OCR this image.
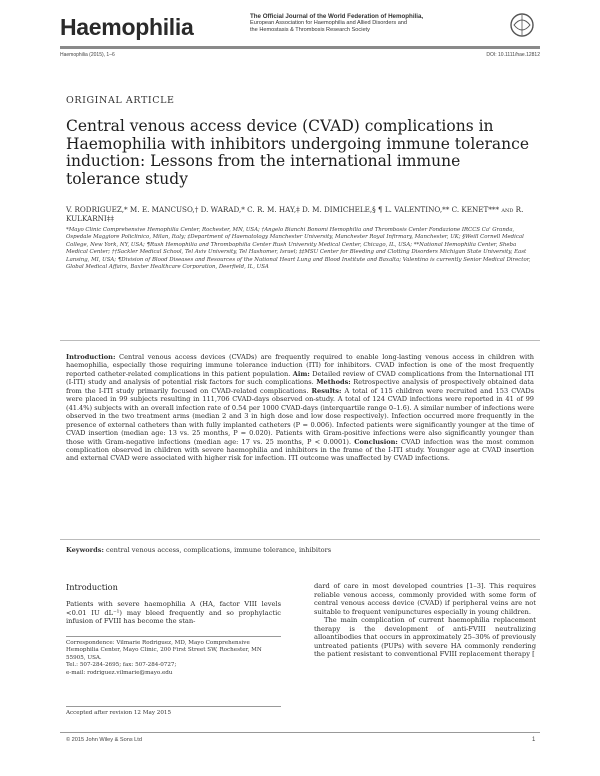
Haemophilia	The Official Journal of the World Federation of Hemophilia,
European Association for Haemophilia and Allied Disorders and
the Hemostasis & Thrombosis Research Society
Haemophilia (2015), 1–6	DOI: 10.1111/hae.12812
ORIGINAL ARTICLE
Central venous access device (CVAD) complications in Haemophilia with inhibitors undergoing immune tolerance induction: Lessons from the international immune tolerance study
V. RODRIGUEZ,* M. E. MANCUSO,† D. WARAD,* C. R. M. HAY,‡ D. M. DIMICHELE,§ ¶ L. VALENTINO,** C. KENET*** and R. KULKARNI‡‡
*Mayo Clinic Comprehensive Hemophilia Center, Rochester, MN, USA; †Angelo Bianchi Bonomi Hemophilia and Thrombosis Center Fondazione IRCCS Ca' Granda, Ospedale Maggiore Policlinico, Milan, Italy; ‡Department of Haematology Manchester University, Manchester Royal Infirmary, Manchester, UK; §Weill Cornell Medical College, New York, NY, USA; ¶Rush Hemophilia and Thrombophilia Center Rush University Medical Center, Chicago, IL, USA; **National Hemophilia Center, Sheba Medical Center; ††Sackler Medical School, Tel Aviv University, Tel Hashomer, Israel; ‡‡MSU Center for Bleeding and Clotting Disorders Michigan State University, East Lansing, MI, USA; ¶Division of Blood Diseases and Resources of the National Heart Lung and Blood Institute and Baxalta; Valentino is currently Senior Medical Director, Global Medical Affairs, Baxter Healthcare Corporation, Deerfield, IL, USA
Introduction: Central venous access devices (CVADs) are frequently required to enable long-lasting venous access in children with haemophilia, especially those requiring immune tolerance induction (ITI) for inhibitors. CVAD infection is one of the most frequently reported catheter-related complications in this patient population. Aim: Detailed review of CVAD complications from the International ITI (I-ITI) study and analysis of potential risk factors for such complications. Methods: Retrospective analysis of prospectively obtained data from the I-ITI study primarily focused on CVAD-related complications. Results: A total of 115 children were recruited and 153 CVADs were placed in 99 subjects resulting in 111,706 CVAD-days observed on-study. A total of 124 CVAD infections were reported in 41 of 99 (41.4%) subjects with an overall infection rate of 0.54 per 1000 CVAD-days (interquartile range 0–1.6). A similar number of infections were observed in the two treatment arms (median 2 and 3 in high dose and low dose respectively). Infection occurred more frequently in the presence of external catheters than with fully implanted catheters (P = 0.006). Infected patients were significantly younger at the time of CVAD insertion (median age: 13 vs. 25 months, P = 0.020). Patients with Gram-positive infections were also significantly younger than those with Gram-negative infections (median age: 17 vs. 25 months, P < 0.0001). Conclusion: CVAD infection was the most common complication observed in children with severe haemophilia and inhibitors in the frame of the I-ITI study. Younger age at CVAD insertion and external CVAD were associated with higher risk for infection. ITI outcome was unaffected by CVAD infections.
Keywords: central venous access, complications, immune tolerance, inhibitors
Introduction
Patients with severe haemophilia A (HA, factor VIII levels <0.01 IU dL⁻¹) may bleed frequently and so prophylactic infusion of FVIII has become the stan-
Correspondence: Vilmarie Rodriguez, MD, Mayo Comprehensive Hemophilia Center, Mayo Clinic, 200 First Street SW, Rochester, MN 55905, USA.
Tel.: 507-284-2695; fax: 507-284-0727;
e-mail: rodriguez.vilmarie@mayo.edu
Accepted after revision 12 May 2015

dard of care in most developed countries [1–3]. This requires reliable venous access, commonly provided with some form of central venous access device (CVAD) if peripheral veins are not suitable to frequent venipunctures especially in young children.

The main complication of current haemophilia replacement therapy is the development of anti-FVIII neutralizing alloantibodies that occurs in approximately 25–30% of previously untreated patients (PUPs) with severe HA commonly rendering the patient resistant to conventional FVIII replacement therapy [

© 2015 John Wiley & Sons Ltd	1
